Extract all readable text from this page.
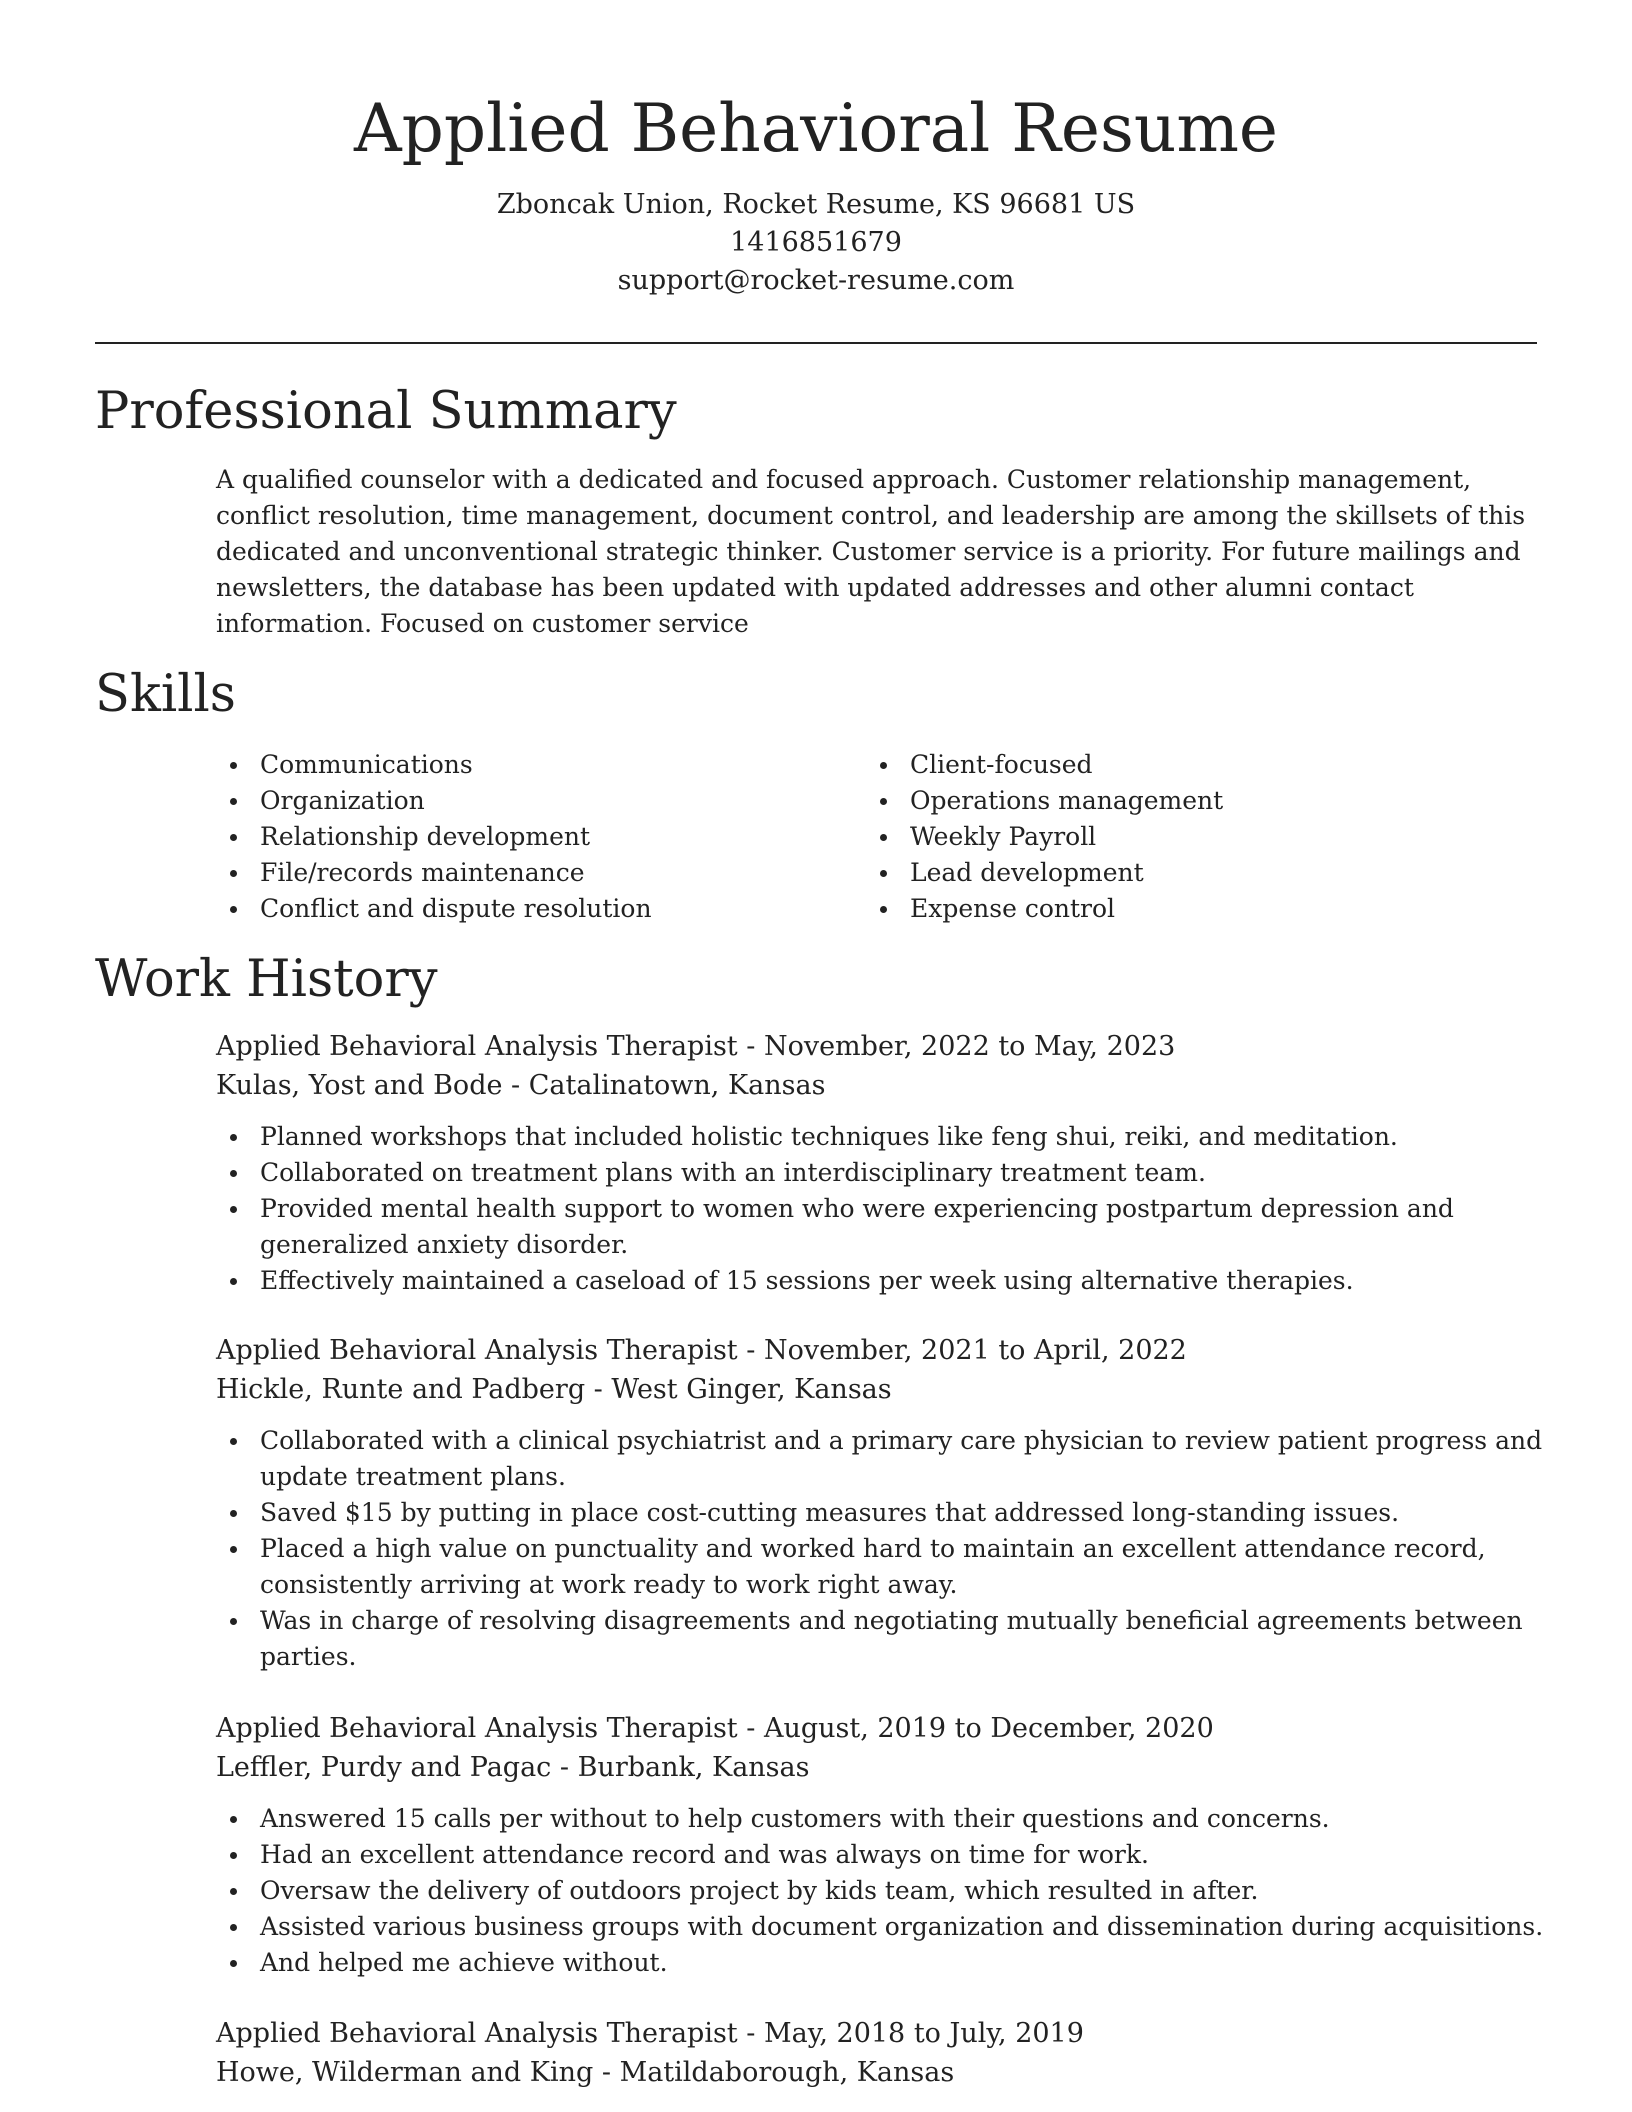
Applied Behavioral Resume
Zboncak Union, Rocket Resume, KS 96681 US
1416851679
support@rocket-resume.com
Professional Summary

A qualified counselor with a dedicated and focused approach. Customer relationship management, conflict resolution, time management, document control, and leadership are among the skillsets of this dedicated and unconventional strategic thinker. Customer service is a priority. For future mailings and newsletters, the database has been updated with updated addresses and other alumni contact information. Focused on customer service

Skills
Communications
Organization
Relationship development
File/records maintenance
Conflict and dispute resolution
Client-focused
Operations management
Weekly Payroll
Lead development
Expense control
Work History
Applied Behavioral Analysis Therapist - November, 2022 to May, 2023
Kulas, Yost and Bode - Catalinatown, Kansas
Planned workshops that included holistic techniques like feng shui, reiki, and meditation.
Collaborated on treatment plans with an interdisciplinary treatment team.
Provided mental health support to women who were experiencing postpartum depression and generalized anxiety disorder.
Effectively maintained a caseload of 15 sessions per week using alternative therapies.
Applied Behavioral Analysis Therapist - November, 2021 to April, 2022
Hickle, Runte and Padberg - West Ginger, Kansas
Collaborated with a clinical psychiatrist and a primary care physician to review patient progress and update treatment plans.
Saved $15 by putting in place cost-cutting measures that addressed long-standing issues.
Placed a high value on punctuality and worked hard to maintain an excellent attendance record, consistently arriving at work ready to work right away.
Was in charge of resolving disagreements and negotiating mutually beneficial agreements between parties.
Applied Behavioral Analysis Therapist - August, 2019 to December, 2020
Leffler, Purdy and Pagac - Burbank, Kansas
Answered 15 calls per without to help customers with their questions and concerns.
Had an excellent attendance record and was always on time for work.
Oversaw the delivery of outdoors project by kids team, which resulted in after.
Assisted various business groups with document organization and dissemination during acquisitions.
And helped me achieve without.
Applied Behavioral Analysis Therapist - May, 2018 to July, 2019
Howe, Wilderman and King - Matildaborough, Kansas
